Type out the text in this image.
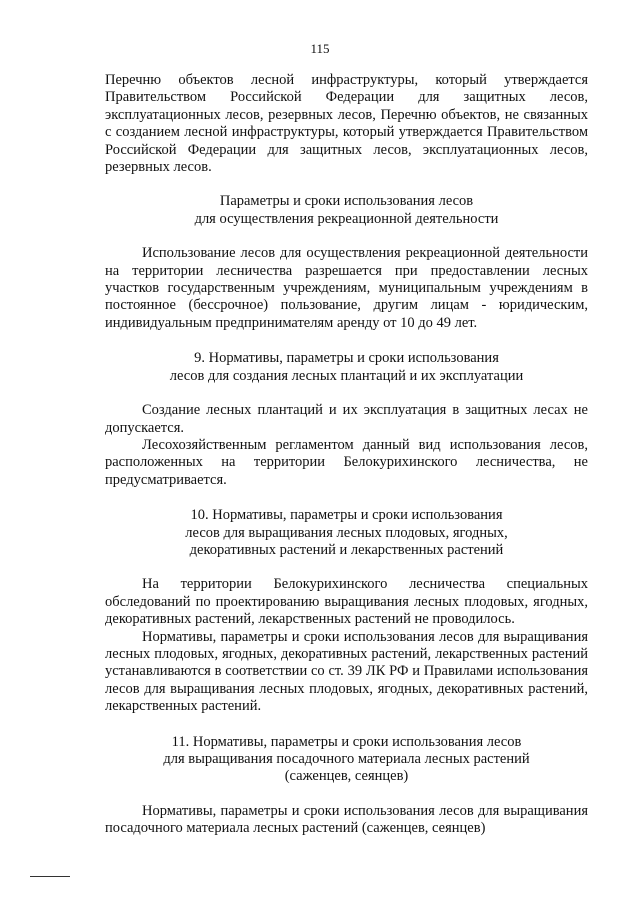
115

Перечню объектов лесной инфраструктуры, который утверждается Правительством Российской Федерации для защитных лесов, эксплуатационных лесов, резервных лесов, Перечню объектов, не связанных с созданием лесной инфраструктуры, который утверждается Правительством Российской Федерации для защитных лесов, эксплуатационных лесов, резервных лесов.

Параметры и сроки использования лесов
для осуществления рекреационной деятельности

Использование лесов для осуществления рекреационной деятельности на территории лесничества разрешается при предоставлении лесных участков государственным учреждениям, муниципальным учреждениям в постоянное (бессрочное) пользование, другим лицам - юридическим, индивидуальным предпринимателям аренду от 10 до 49 лет.

9. Нормативы, параметры и сроки использования
лесов для создания лесных плантаций и их эксплуатации

Создание лесных плантаций и их эксплуатация в защитных лесах не допускается.

Лесохозяйственным регламентом данный вид использования лесов, расположенных на территории Белокурихинского лесничества, не предусматривается.

10. Нормативы, параметры и сроки использования
лесов для выращивания лесных плодовых, ягодных,
декоративных растений и лекарственных растений

На территории Белокурихинского лесничества специальных обследований по проектированию выращивания лесных плодовых, ягодных, декоративных растений, лекарственных растений не проводилось.

Нормативы, параметры и сроки использования лесов для выращивания лесных плодовых, ягодных, декоративных растений, лекарственных растений устанавливаются в соответствии со ст. 39 ЛК РФ и Правилами использования лесов для выращивания лесных плодовых, ягодных, декоративных растений, лекарственных растений.

11. Нормативы, параметры и сроки использования лесов
для выращивания посадочного материала лесных растений
(саженцев, сеянцев)

Нормативы, параметры и сроки использования лесов для выращивания посадочного материала лесных растений (саженцев, сеянцев)
